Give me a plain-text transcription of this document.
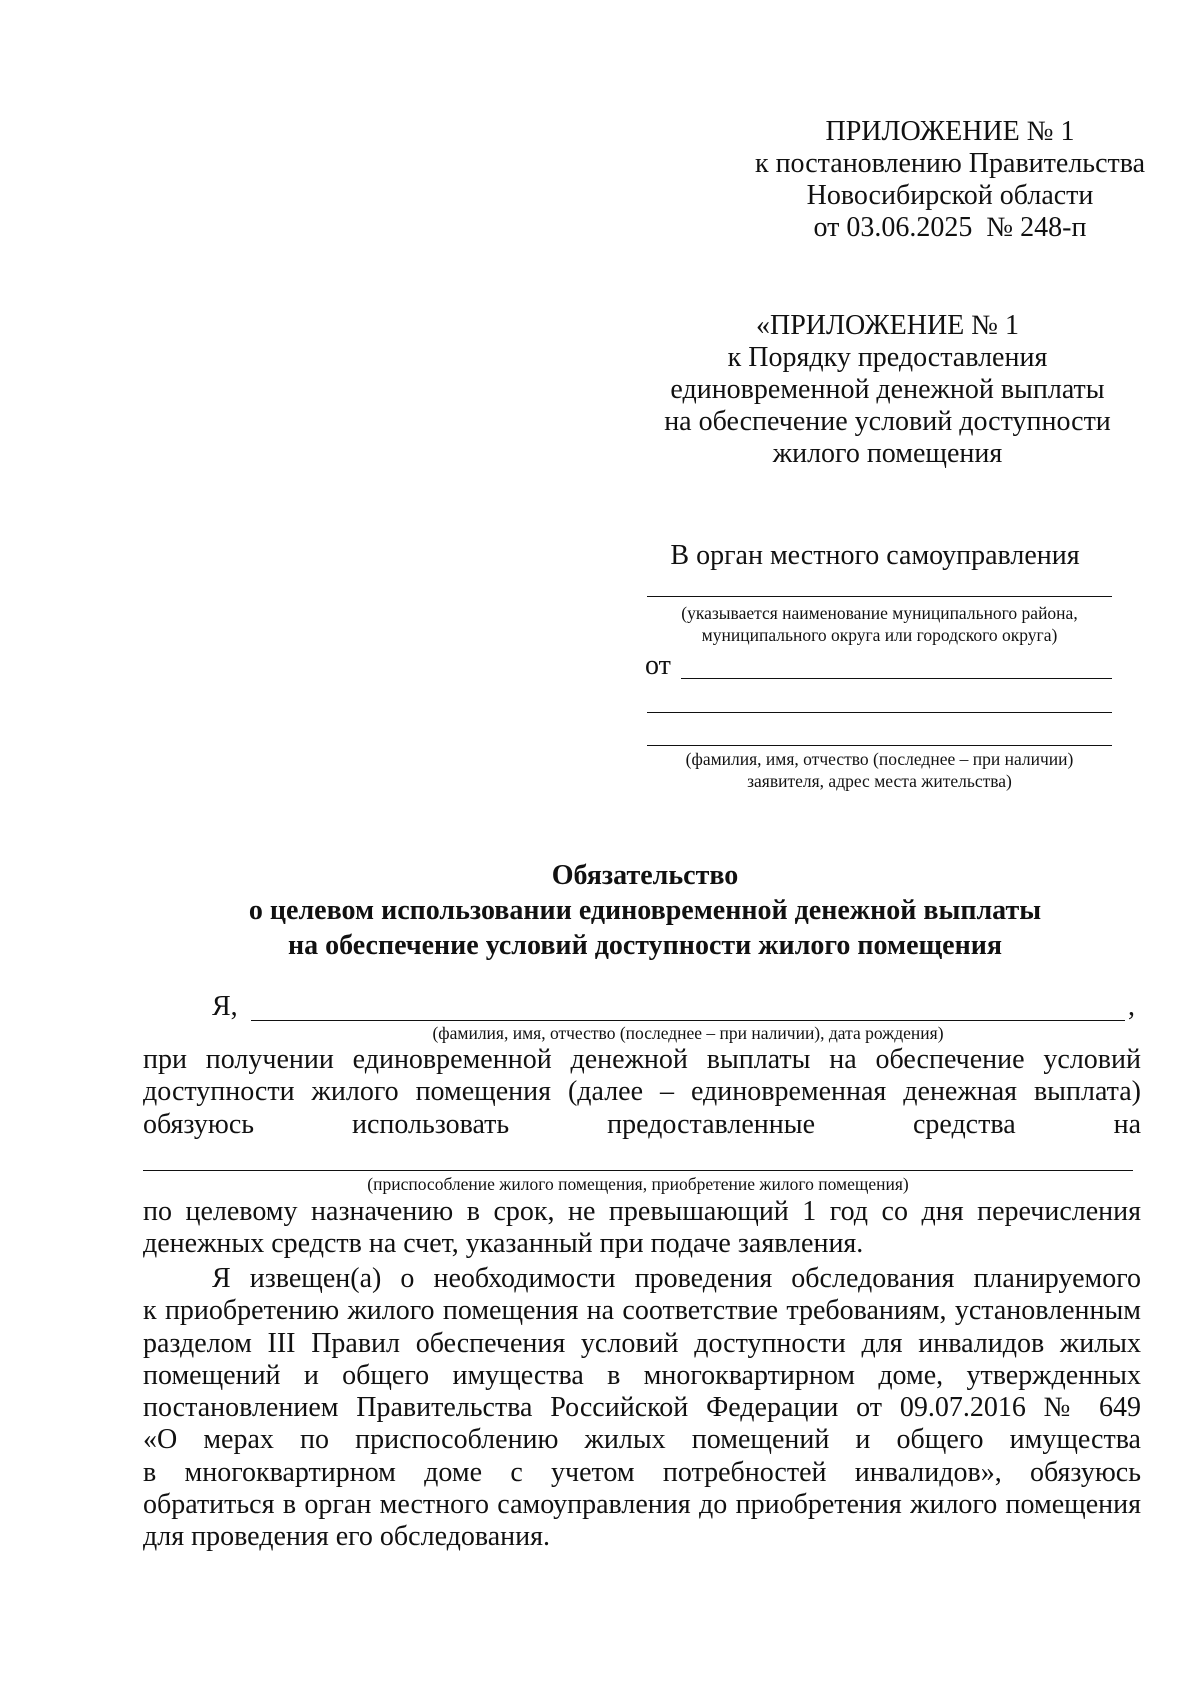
ПРИЛОЖЕНИЕ № 1
к постановлению Правительства
Новосибирской области
от 03.06.2025  № 248-п
«ПРИЛОЖЕНИЕ № 1
к Порядку предоставления
единовременной денежной выплаты
на обеспечение условий доступности
жилого помещения
В орган местного самоуправления
(указывается наименование муниципального района,
муниципального округа или городского округа)
от
(фамилия, имя, отчество (последнее – при наличии)
заявителя, адрес места жительства)
Обязательство
о целевом использовании единовременной денежной выплаты
на обеспечение условий доступности жилого помещения
Я,	,
(фамилия, имя, отчество (последнее – при наличии), дата рождения)
при получении единовременной денежной выплаты на обеспечение условий
доступности жилого помещения (далее – единовременная денежная выплата)
обязуюсь	использовать	предоставленные	средства	на
(приспособление жилого помещения, приобретение жилого помещения)
по целевому назначению в срок, не превышающий 1 год со дня перечисления
денежных средств на счет, указанный при подаче заявления.
Я извещен(а) о необходимости проведения обследования планируемого
к приобретению жилого помещения на соответствие требованиям, установленным
разделом III Правил обеспечения условий доступности для инвалидов жилых
помещений и общего имущества в многоквартирном доме, утвержденных
постановлением Правительства Российской Федерации от 09.07.2016 № 649
«О мерах по приспособлению жилых помещений и общего имущества
в многоквартирном доме с учетом потребностей инвалидов», обязуюсь
обратиться в орган местного самоуправления до приобретения жилого помещения
для проведения его обследования.
